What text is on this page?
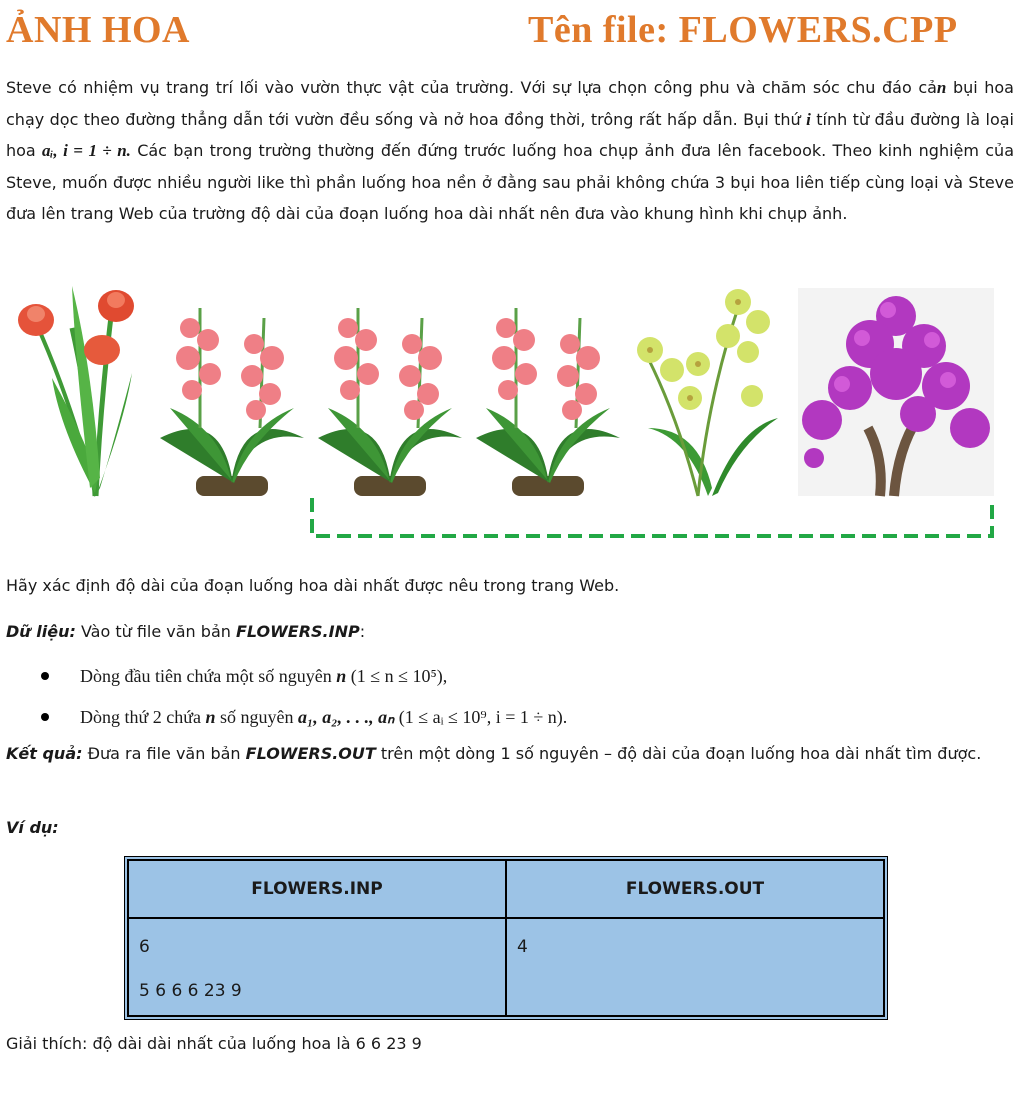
ẢNH HOA	Tên file: FLOWERS.CPP

Steve có nhiệm vụ trang trí lối vào vườn thực vật của trường. Với sự lựa chọn công phu và chăm sóc chu đáo cản bụi hoa chạy dọc theo đường thẳng dẫn tới vườn đều sống và nở hoa đồng thời, trông rất hấp dẫn. Bụi thứ i tính từ đầu đường là loại hoa aᵢ, i = 1 ÷ n. Các bạn trong trường thường đến đứng trước luống hoa chụp ảnh đưa lên facebook. Theo kinh nghiệm của Steve, muốn được nhiều người like thì phần luống hoa nền ở đằng sau phải không chứa 3 bụi hoa liên tiếp cùng loại và Steve đưa lên trang Web của trường độ dài của đoạn luống hoa dài nhất nên đưa vào khung hình khi chụp ảnh.

Hãy xác định độ dài của đoạn luống hoa dài nhất được nêu trong trang Web.

Dữ liệu: Vào từ file văn bản FLOWERS.INP:

Dòng đầu tiên chứa một số nguyên n (1 ≤ n ≤ 10⁵),
Dòng thứ 2 chứa n số nguyên a₁, a₂, . . ., aₙ (1 ≤ aᵢ ≤ 10⁹, i = 1 ÷ n).

Kết quả: Đưa ra file văn bản FLOWERS.OUT trên một dòng 1 số nguyên – độ dài của đoạn luống hoa dài nhất tìm được.

Ví dụ:

FLOWERS.INP	FLOWERS.OUT

6
5 6 6 6 23 9	4

Giải thích: độ dài dài nhất của luống hoa là 6 6 23 9
